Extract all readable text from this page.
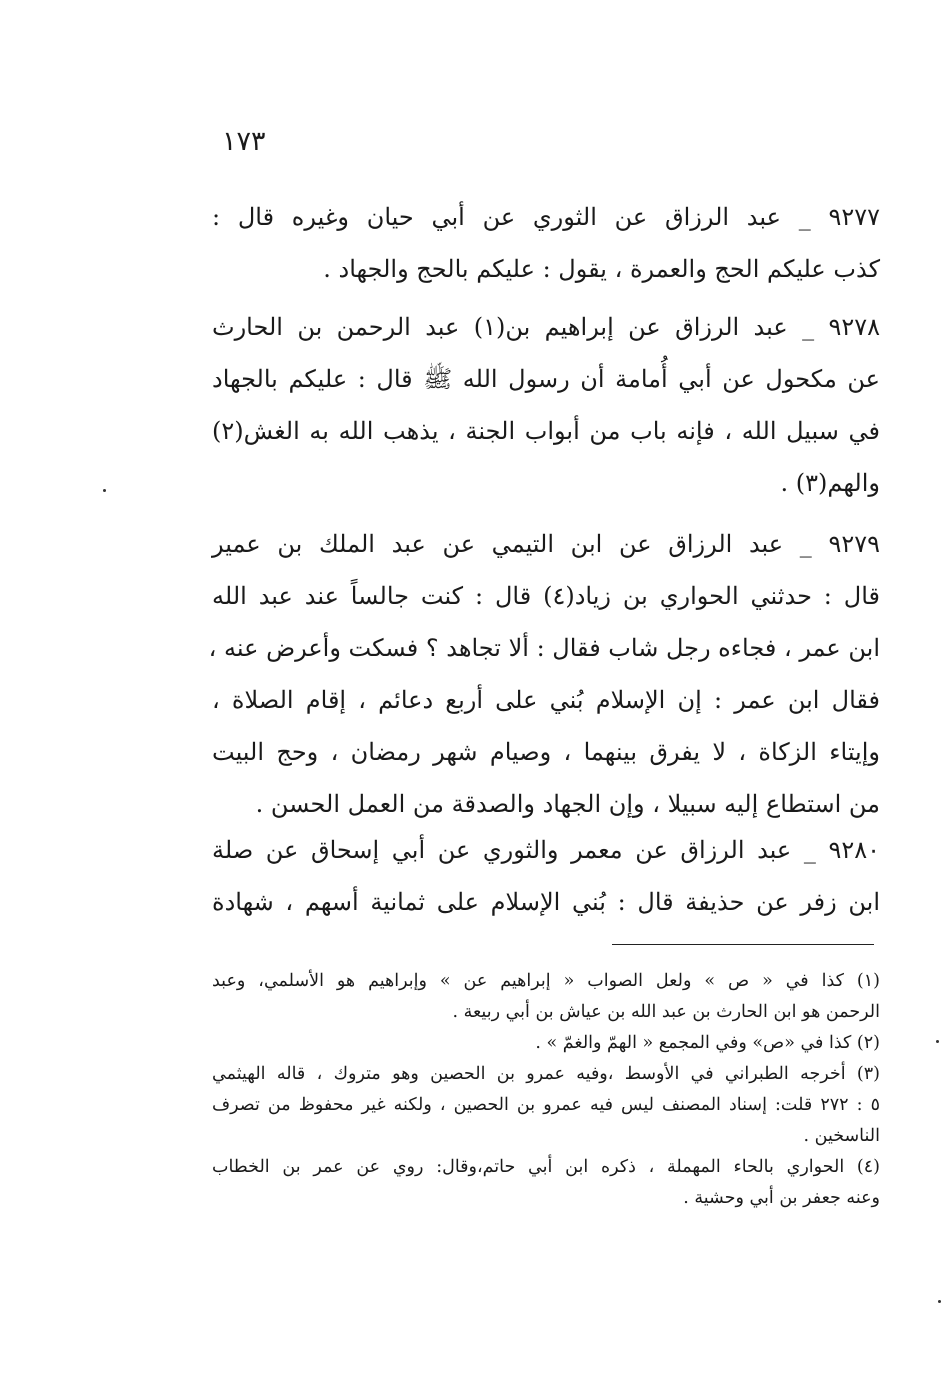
١٧٣
٩٢٧٧ _ عبد الرزاق عن الثوري عن أبي حيان وغيره قال :
كذب عليكم الحج والعمرة ، يقول : عليكم بالحج والجهاد .
٩٢٧٨ _ عبد الرزاق عن إبراهيم بن(١) عبد الرحمن بن الحارث
عن مكحول عن أبي أُمامة أن رسول الله ﷺ قال : عليكم بالجهاد
في سبيل الله ، فإنه باب من أبواب الجنة ، يذهب الله به الغش(٢)
والهم(٣) .
٩٢٧٩ _ عبد الرزاق عن ابن التيمي عن عبد الملك بن عمير
قال : حدثني الحواري بن زياد(٤) قال : كنت جالساً عند عبد الله
ابن عمر ، فجاءه رجل شاب فقال : ألا تجاهد ؟ فسكت وأعرض عنه ،
فقال ابن عمر : إن الإسلام بُني على أربع دعائم ، إقام الصلاة ،
وإيتاء الزكاة ، لا يفرق بينهما ، وصيام شهر رمضان ، وحج البيت
من استطاع إليه سبيلا ، وإن الجهاد والصدقة من العمل الحسن .
٩٢٨٠ _ عبد الرزاق عن معمر والثوري عن أبي إسحاق عن صلة
ابن زفر عن حذيفة قال : بُني الإسلام على ثمانية أسهم ، شهادة
(١) كذا في « ص » ولعل الصواب « إبراهيم عن » وإبراهيم هو الأسلمي، وعبد
الرحمن هو ابن الحارث بن عبد الله بن عياش بن أبي ربيعة .
(٢) كذا في «ص» وفي المجمع « الهمّ والغمّ » .
(٣) أخرجه الطبراني في الأوسط ،وفيه عمرو بن الحصين وهو متروك ، قاله الهيثمي
٥ : ٢٧٢ قلت: إسناد المصنف ليس فيه عمرو بن الحصين ، ولكنه غير محفوظ من تصرف
الناسخين .
(٤) الحواري بالحاء المهملة ، ذكره ابن أبي حاتم،وقال: روي عن عمر بن الخطاب
وعنه جعفر بن أبي وحشية .
